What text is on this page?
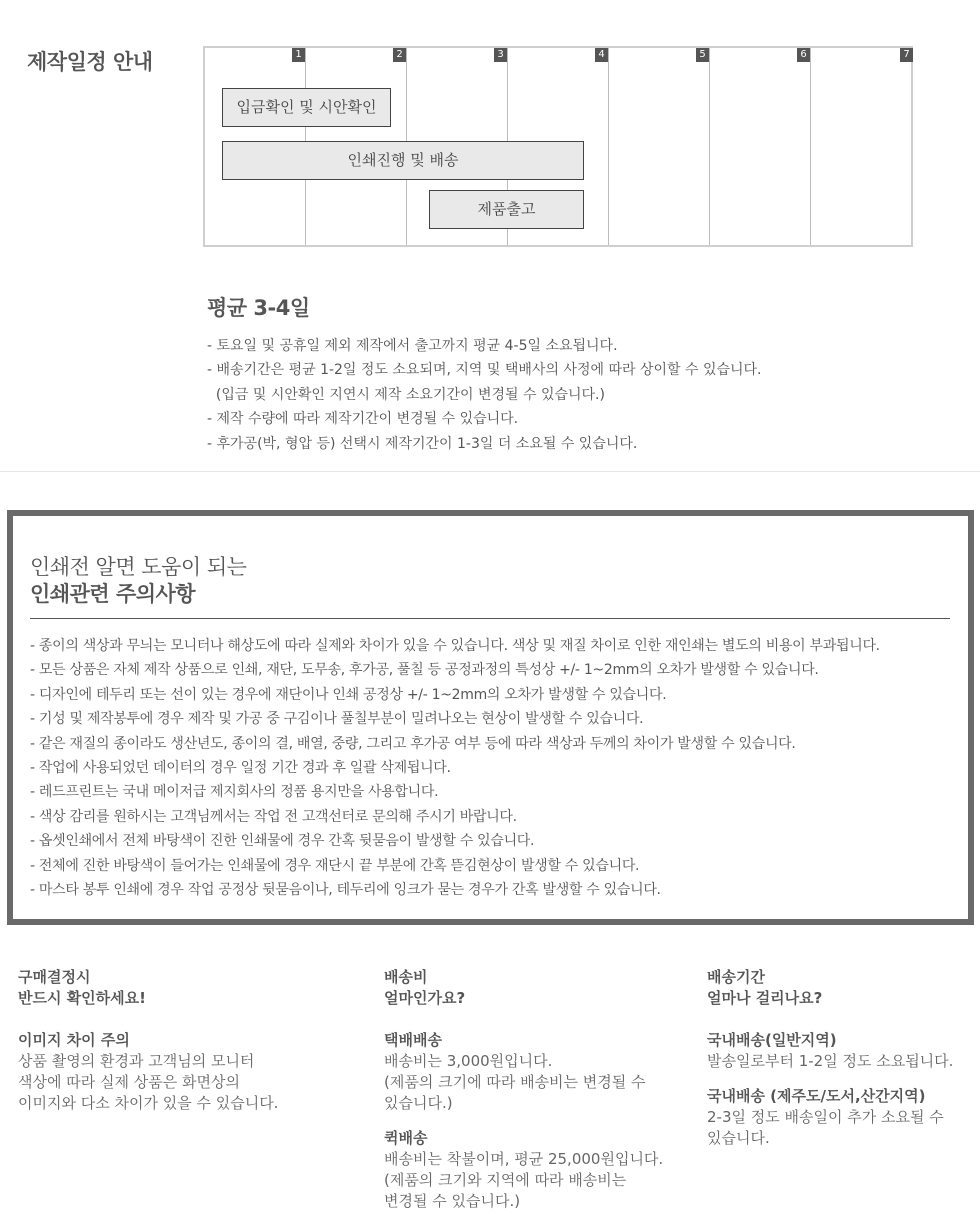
제작일정 안내	1	2	3	4	5	6	7
입금확인 및 시안확인
인쇄진행 및 배송
제품출고
평균 3-4일
- 토요일 및 공휴일 제외 제작에서 출고까지 평균 4-5일 소요됩니다.
- 배송기간은 평균 1-2일 정도 소요되며, 지역 및 택배사의 사정에 따라 상이할 수 있습니다.
(입금 및 시안확인 지연시 제작 소요기간이 변경될 수 있습니다.)
- 제작 수량에 따라 제작기간이 변경될 수 있습니다.
- 후가공(박, 형압 등) 선택시 제작기간이 1-3일 더 소요될 수 있습니다.
인쇄전 알면 도움이 되는
인쇄관련 주의사항
- 종이의 색상과 무늬는 모니터나 해상도에 따라 실제와 차이가 있을 수 있습니다. 색상 및 재질 차이로 인한 재인쇄는 별도의 비용이 부과됩니다.
- 모든 상품은 자체 제작 상품으로 인쇄, 재단, 도무송, 후가공, 풀칠 등 공정과정의 특성상 +/- 1~2mm의 오차가 발생할 수 있습니다.
- 디자인에 테두리 또는 선이 있는 경우에 재단이나 인쇄 공정상 +/- 1~2mm의 오차가 발생할 수 있습니다.
- 기성 및 제작봉투에 경우 제작 및 가공 중 구김이나 풀칠부분이 밀려나오는 현상이 발생할 수 있습니다.
- 같은 재질의 종이라도 생산년도, 종이의 결, 배열, 중량, 그리고 후가공 여부 등에 따라 색상과 두께의 차이가 발생할 수 있습니다.
- 작업에 사용되었던 데이터의 경우 일정 기간 경과 후 일괄 삭제됩니다.
- 레드프린트는 국내 메이저급 제지회사의 정품 용지만을 사용합니다.
- 색상 감리를 원하시는 고객님께서는 작업 전 고객선터로 문의해 주시기 바랍니다.
- 옵셋인쇄에서 전체 바탕색이 진한 인쇄물에 경우 간혹 뒷묻음이 발생할 수 있습니다.
- 전체에 진한 바탕색이 들어가는 인쇄물에 경우 재단시 끝 부분에 간혹 뜯김현상이 발생할 수 있습니다.
- 마스타 봉투 인쇄에 경우 작업 공정상 뒷묻음이나, 테두리에 잉크가 묻는 경우가 간혹 발생할 수 있습니다.

구매결정시
반드시 확인하세요!

이미지 차이 주의

상품 촬영의 환경과 고객님의 모니터
색상에 따라 실제 상품은 화면상의
이미지와 다소 차이가 있을 수 있습니다.

배송비
얼마인가요?

택배배송

배송비는 3,000원입니다.
(제품의 크기에 따라 배송비는 변경될 수
있습니다.)

퀵배송

배송비는 착불이며, 평균 25,000원입니다.
(제품의 크기와 지역에 따라 배송비는
변경될 수 있습니다.)

배송기간
얼마나 걸리나요?

국내배송(일반지역)

발송일로부터 1-2일 정도 소요됩니다.

국내배송 (제주도/도서,산간지역)

2-3일 정도 배송일이 추가 소요될 수
있습니다.
